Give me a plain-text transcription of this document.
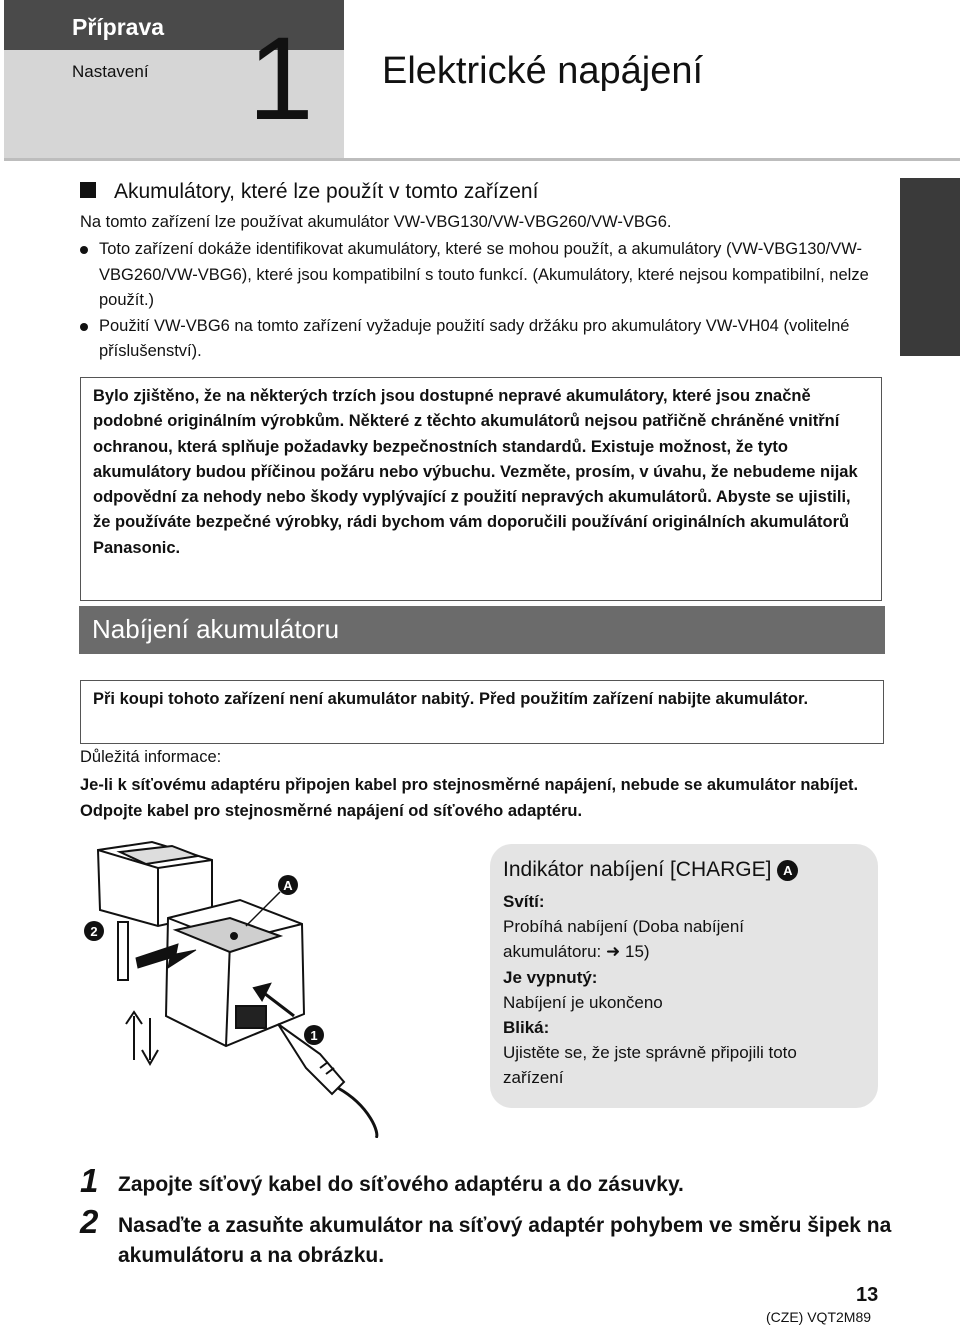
Příprava
Nastavení 1 Elektrické napájení
Akumulátory, které lze použít v tomto zařízení
Na tomto zařízení lze používat akumulátor VW-VBG130/VW-VBG260/VW-VBG6.
Toto zařízení dokáže identifikovat akumulátory, které se mohou použít, a akumulátory (VW-VBG130/VW-VBG260/VW-VBG6), které jsou kompatibilní s touto funkcí. (Akumulátory, které nejsou kompatibilní, nelze použít.)
Použití VW-VBG6 na tomto zařízení vyžaduje použití sady držáku pro akumulátory VW-VH04 (volitelné příslušenství).
Bylo zjištěno, že na některých trzích jsou dostupné nepravé akumulátory, které jsou značně podobné originálním výrobkům. Některé z těchto akumulátorů nejsou patřičně chráněné vnitřní ochranou, která splňuje požadavky bezpečnostních standardů. Existuje možnost, že tyto akumulátory budou příčinou požáru nebo výbuchu. Vezměte, prosím, v úvahu, že nebudeme nijak odpovědní za nehody nebo škody vyplývající z použití nepravých akumulátorů. Abyste se ujistili, že používáte bezpečné výrobky, rádi bychom vám doporučili používání originálních akumulátorů Panasonic.
Nabíjení akumulátoru
Při koupi tohoto zařízení není akumulátor nabitý. Před použitím zařízení nabijte akumulátor.
Důležitá informace:
Je-li k síťovému adaptéru připojen kabel pro stejnosměrné napájení, nebude se akumulátor nabíjet. Odpojte kabel pro stejnosměrné napájení od síťového adaptéru.
A
2
1
Indikátor nabíjení [CHARGE] A
Svítí:
Probíhá nabíjení (Doba nabíjení akumulátoru: ➜ 15)
Je vypnutý:
Nabíjení je ukončeno
Bliká:
Ujistěte se, že jste správně připojili toto zařízení
1 Zapojte síťový kabel do síťového adaptéru a do zásuvky.
2 Nasaďte a zasuňte akumulátor na síťový adaptér pohybem ve směru šipek na akumulátoru a na obrázku.
13
(CZE) VQT2M89
